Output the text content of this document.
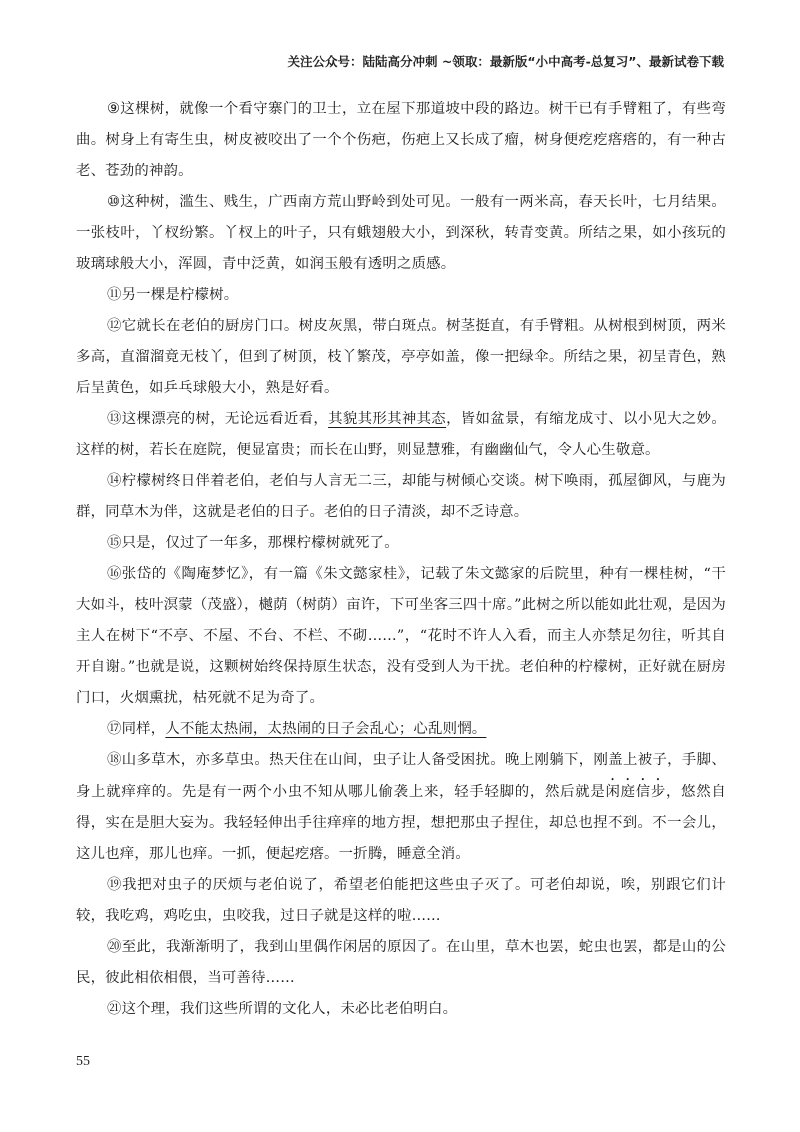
关注公众号：陆陆高分冲刺 ~领取：最新版“小中高考-总复习”、最新试卷下载

⑨这棵树，就像一个看守寨门的卫士，立在屋下那道坡中段的路边。树干已有手臂粗了，有些弯曲。树身上有寄生虫，树皮被咬出了一个个伤疤，伤疤上又长成了瘤，树身便疙疙瘩瘩的，有一种古老、苍劲的神韵。

⑩这种树，滥生、贱生，广西南方荒山野岭到处可见。一般有一两米高，春天长叶，七月结果。一张枝叶，丫杈纷繁。丫杈上的叶子，只有蛾翅般大小，到深秋，转青变黄。所结之果，如小孩玩的玻璃球般大小，浑圆，青中泛黄，如润玉般有透明之质感。

⑪另一棵是柠檬树。

⑫它就长在老伯的厨房门口。树皮灰黑，带白斑点。树茎挺直，有手臂粗。从树根到树顶，两米多高，直溜溜竟无枝丫，但到了树顶，枝丫繁茂，亭亭如盖，像一把绿伞。所结之果，初呈青色，熟后呈黄色，如乒乓球般大小，熟是好看。

⑬这棵漂亮的树，无论远看近看，其貌其形其神其态，皆如盆景，有缩龙成寸、以小见大之妙。这样的树，若长在庭院，便显富贵；而长在山野，则显慧雅，有幽幽仙气，令人心生敬意。

⑭柠檬树终日伴着老伯，老伯与人言无二三，却能与树倾心交谈。树下唤雨，孤屋御风，与鹿为群，同草木为伴，这就是老伯的日子。老伯的日子清淡，却不乏诗意。

⑮只是，仅过了一年多，那棵柠檬树就死了。

⑯张岱的《陶庵梦忆》，有一篇《朱文懿家桂》，记载了朱文懿家的后院里，种有一棵桂树，“干大如斗，枝叶溟蒙（茂盛），樾荫（树荫）亩许，下可坐客三四十席。”此树之所以能如此壮观，是因为主人在树下“不亭、不屋、不台、不栏、不砌……”，“花时不许人入看，而主人亦禁足勿往，听其自开自谢。”也就是说，这颗树始终保持原生状态，没有受到人为干扰。老伯种的柠檬树，正好就在厨房门口，火烟熏扰，枯死就不足为奇了。

⑰同样，人不能太热闹，太热闹的日子会乱心；心乱则惘。

⑱山多草木，亦多草虫。热天住在山间，虫子让人备受困扰。晚上刚躺下，刚盖上被子，手脚、身上就痒痒的。先是有一两个小虫不知从哪儿偷袭上来，轻手轻脚的，然后就是闲庭信步，悠然自得，实在是胆大妄为。我轻轻伸出手往痒痒的地方捏，想把那虫子捏住，却总也捏不到。不一会儿，这儿也痒，那儿也痒。一抓，便起疙瘩。一折腾，睡意全消。

⑲我把对虫子的厌烦与老伯说了，希望老伯能把这些虫子灭了。可老伯却说，唉，别跟它们计较，我吃鸡，鸡吃虫，虫咬我，过日子就是这样的啦……

⑳至此，我渐渐明了，我到山里偶作闲居的原因了。在山里，草木也罢，蛇虫也罢，都是山的公民，彼此相依相偎，当可善待……

㉑这个理，我们这些所谓的文化人，未必比老伯明白。

55
